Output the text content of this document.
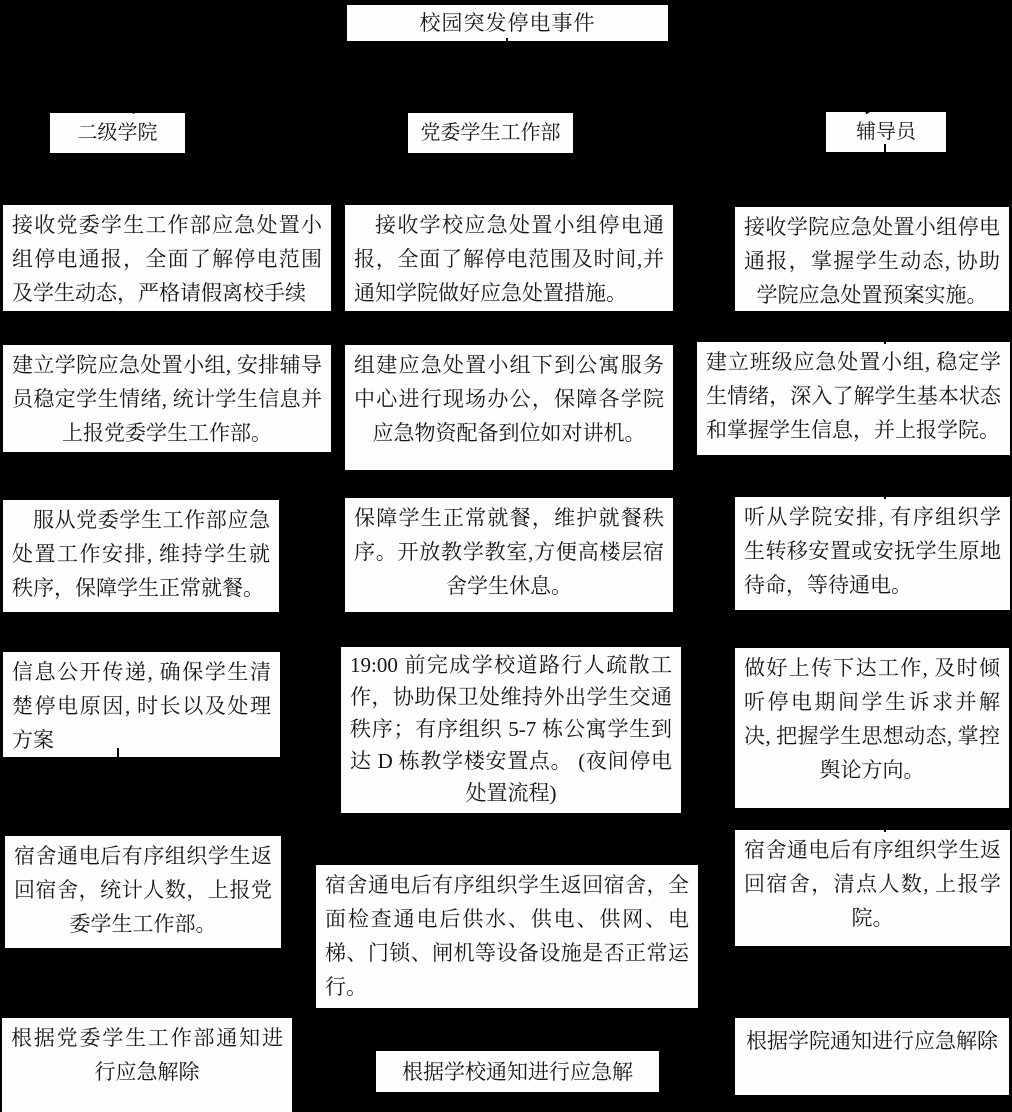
校园突发停电事件
二级学院	党委学生工作部	辅导员
接收党委学生工作部应急处置小组停电通报，全面了解停电范围及学生动态，严格请假离校手续
建立学院应急处置小组, 安排辅导员稳定学生情绪, 统计学生信息并上报党委学生工作部。
服从党委学生工作部应急处置工作安排, 维持学生就秩序，保障学生正常就餐。
信息公开传递, 确保学生清楚停电原因, 时长以及处理方案
宿舍通电后有序组织学生返回宿舍，统计人数，上报党委学生工作部。
根据党委学生工作部通知进行应急解除
接收学校应急处置小组停电通报，全面了解停电范围及时间,并通知学院做好应急处置措施。
组建应急处置小组下到公寓服务中心进行现场办公，保障各学院应急物资配备到位如对讲机。
保障学生正常就餐，维护就餐秩序。开放教学教室,方便高楼层宿舍学生休息。
19:00 前完成学校道路行人疏散工作，协助保卫处维持外出学生交通秩序；有序组织 5-7 栋公寓学生到达 D 栋教学楼安置点。 (夜间停电处置流程)
宿舍通电后有序组织学生返回宿舍，全面检查通电后供水、供电、供网、电梯、门锁、闸机等设备设施是否正常运行。
根据学校通知进行应急解
接收学院应急处置小组停电通报，掌握学生动态, 协助学院应急处置预案实施。
建立班级应急处置小组, 稳定学生情绪，深入了解学生基本状态和掌握学生信息，并上报学院。
听从学院安排, 有序组织学生转移安置或安抚学生原地待命，等待通电。
做好上传下达工作, 及时倾听停电期间学生诉求并解决, 把握学生思想动态, 掌控舆论方向。
宿舍通电后有序组织学生返回宿舍，清点人数, 上报学院。
根据学院通知进行应急解除
